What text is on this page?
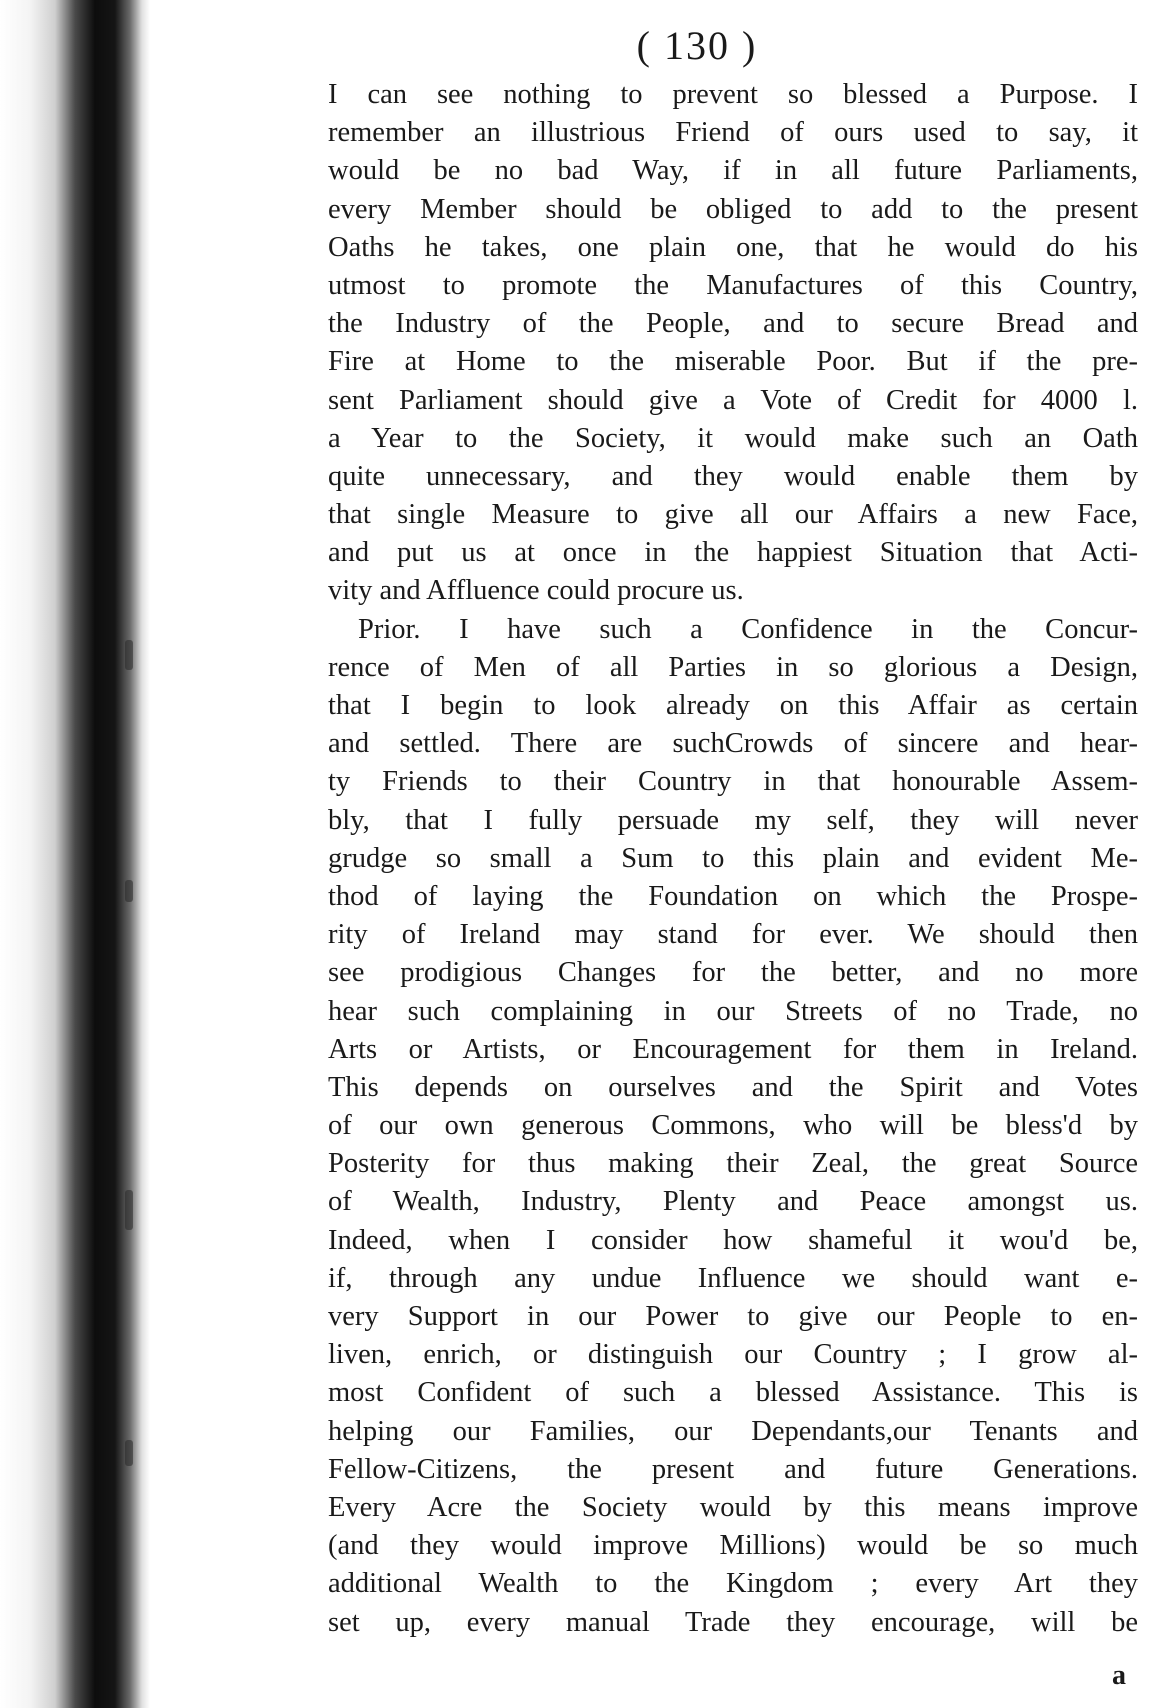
( 130 )
I can see nothing to prevent so blessed a Purpose. I
remember an illustrious Friend of ours used to say, it
would be no bad Way, if in all future Parliaments,
every Member should be obliged to add to the present
Oaths he takes, one plain one, that he would do his
utmost to promote the Manufactures of this Country,
the Industry of the People, and to secure Bread and
Fire at Home to the miserable Poor. But if the pre-
sent Parliament should give a Vote of Credit for 4000 l.
a Year to the Society, it would make such an Oath
quite unnecessary, and they would enable them by
that single Measure to give all our Affairs a new Face,
and put us at once in the happiest Situation that Acti-
vity and Affluence could procure us.
Prior. I have such a Confidence in the Concur-
rence of Men of all Parties in so glorious a Design,
that I begin to look already on this Affair as certain
and settled. There are suchCrowds of sincere and hear-
ty Friends to their Country in that honourable Assem-
bly, that I fully persuade my self, they will never
grudge so small a Sum to this plain and evident Me-
thod of laying the Foundation on which the Prospe-
rity of Ireland may stand for ever. We should then
see prodigious Changes for the better, and no more
hear such complaining in our Streets of no Trade, no
Arts or Artists, or Encouragement for them in Ireland.
This depends on ourselves and the Spirit and Votes
of our own generous Commons, who will be bless'd by
Posterity for thus making their Zeal, the great Source
of Wealth, Industry, Plenty and Peace amongst us.
Indeed, when I consider how shameful it wou'd be,
if, through any undue Influence we should want e-
very Support in our Power to give our People to en-
liven, enrich, or distinguish our Country ; I grow al-
most Confident of such a blessed Assistance. This is
helping our Families, our Dependants,our Tenants and
Fellow-Citizens, the present and future Generations.
Every Acre the Society would by this means improve
(and they would improve Millions) would be so much
additional Wealth to the Kingdom ; every Art they
set up, every manual Trade they encourage, will be
a
